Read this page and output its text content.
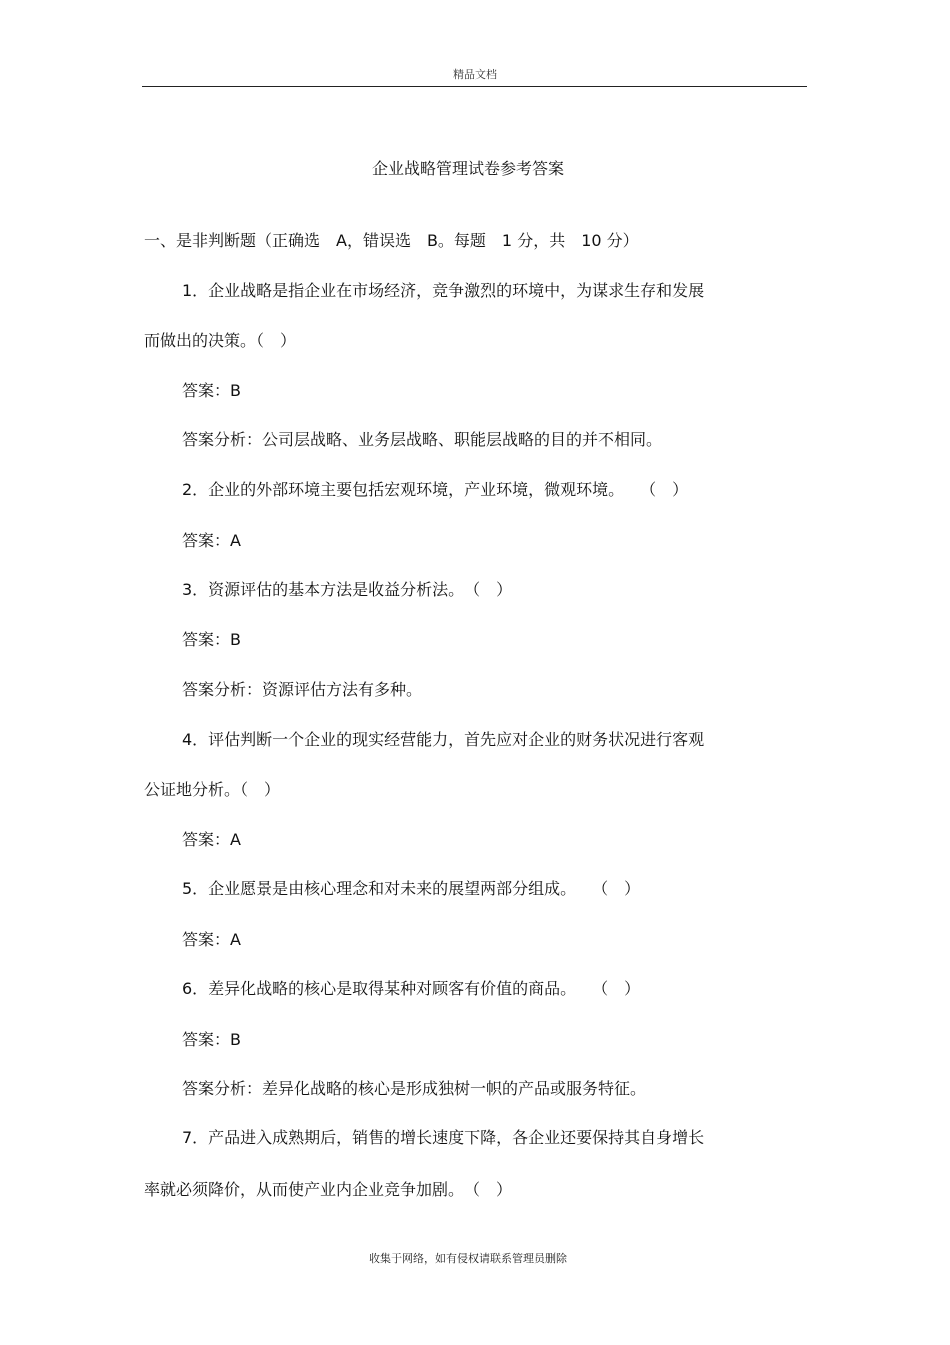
精品文档
企业战略管理试卷参考答案
一、是非判断题（正确选　A，错误选　B。每题　1 分，共　10 分）
1．企业战略是指企业在市场经济，竞争激烈的环境中，为谋求生存和发展
而做出的决策。（　）
答案：B
答案分析：公司层战略、业务层战略、职能层战略的目的并不相同。
2．企业的外部环境主要包括宏观环境，产业环境，微观环境。　　（　）
答案：A
3．资源评估的基本方法是收益分析法。　（　）
答案：B
答案分析：资源评估方法有多种。
4．评估判断一个企业的现实经营能力，首先应对企业的财务状况进行客观
公证地分析。（　）
答案：A
5．企业愿景是由核心理念和对未来的展望两部分组成。　　（　）
答案：A
6．差异化战略的核心是取得某种对顾客有价值的商品。　　（　）
答案：B
答案分析：差异化战略的核心是形成独树一帜的产品或服务特征。
7．产品进入成熟期后，销售的增长速度下降，各企业还要保持其自身增长
率就必须降价，从而使产业内企业竞争加剧。　（　）
收集于网络，如有侵权请联系管理员删除
